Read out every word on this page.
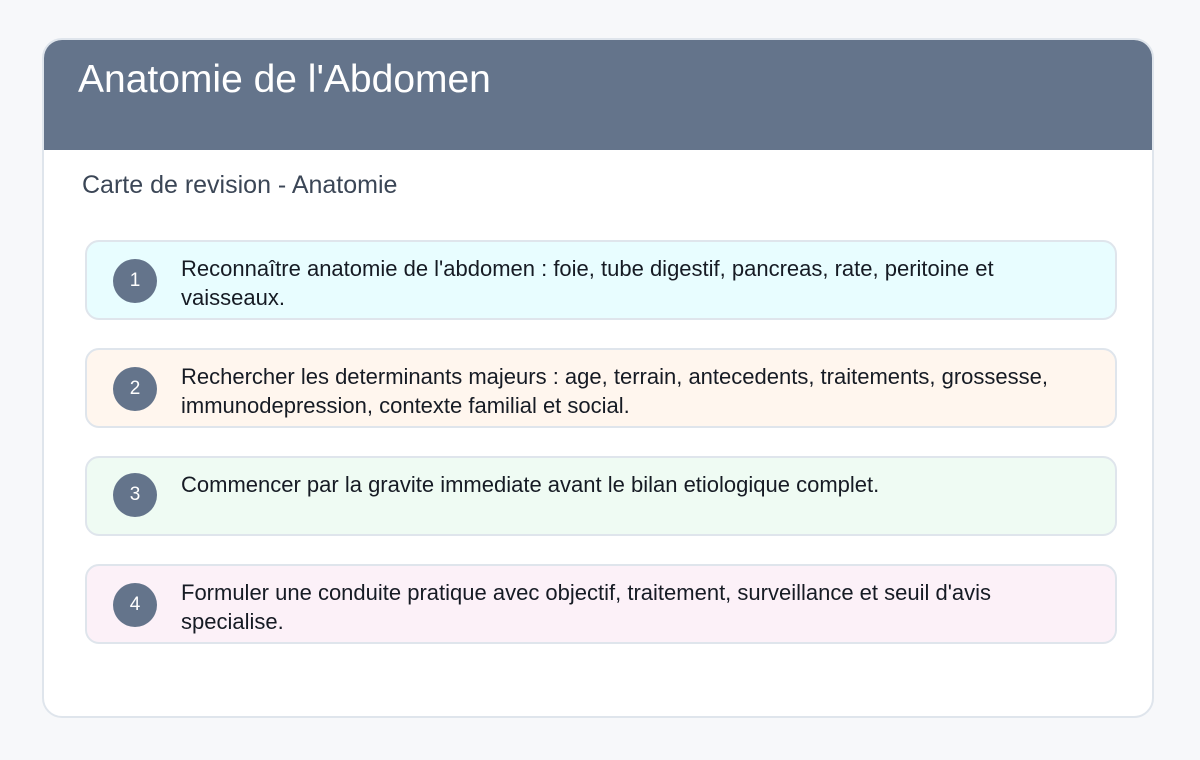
Anatomie de l'Abdomen
Carte de revision - Anatomie
1	Reconnaître anatomie de l'abdomen : foie, tube digestif, pancreas, rate, peritoine et vaisseaux.
2	Rechercher les determinants majeurs : age, terrain, antecedents, traitements, grossesse, immunodepression, contexte familial et social.
3	Commencer par la gravite immediate avant le bilan etiologique complet.
4	Formuler une conduite pratique avec objectif, traitement, surveillance et seuil d'avis specialise.
